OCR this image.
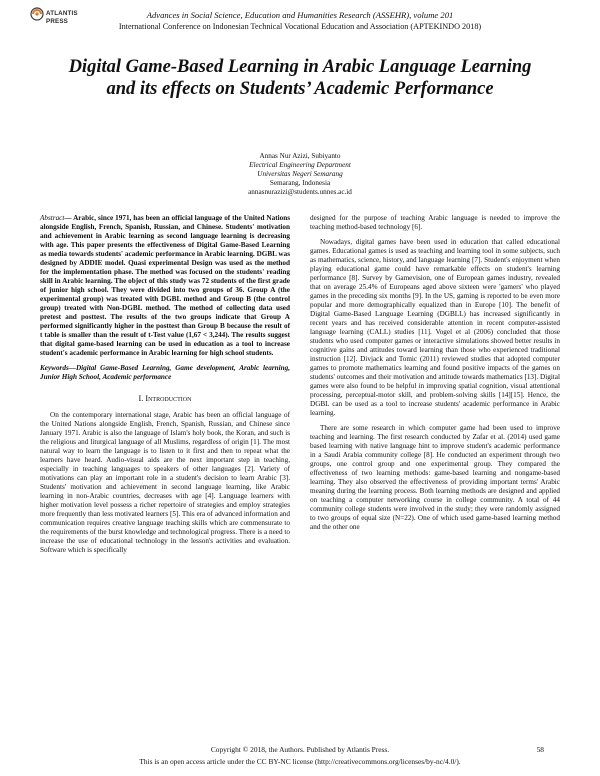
ATLANTIS
PRESS
Advances in Social Science, Education and Humanities Research (ASSEHR), volume 201
International Conference on Indonesian Technical Vocational Education and Association (APTEKINDO 2018)
Digital Game-Based Learning in Arabic Language Learning and its effects on Students’ Academic Performance
Annas Nur Azizi, Subiyanto
Electrical Engineering Department
Universitas Negeri Semarang
Semarang, Indonesia
annasnurazizi@students.unnes.ac.id

Abstract— Arabic, since 1971, has been an official language of the United Nations alongside English, French, Spanish, Russian, and Chinese. Students' motivation and achievement in Arabic learning as second language learning is decreasing with age. This paper presents the effectiveness of Digital Game-Based Learning as media towards students' academic performance in Arabic learning. DGBL was designed by ADDIE model. Quasi experimental Design was used as the method for the implementation phase. The method was focused on the students' reading skill in Arabic learning. The object of this study was 72 students of the first grade of junior high school. They were divided into two groups of 36. Group A (the experimental group) was treated with DGBL method and Group B (the control group) treated with Non-DGBL method. The method of collecting data used pretest and posttest. The results of the two groups indicate that Group A performed significantly higher in the posttest than Group B because the result of t table is smaller than the result of t-Test value (1,67 < 3,244). The results suggest that digital game-based learning can be used in education as a tool to increase student's academic performance in Arabic learning for high school students.

Keywords—Digital Game-Based Learning, Game development, Arabic learning, Junior High School, Academic performance

I. Introduction

On the contemporary international stage, Arabic has been an official language of the United Nations alongside English, French, Spanish, Russian, and Chinese since January 1971. Arabic is also the language of Islam's holy book, the Koran, and such is the religious and liturgical language of all Muslims, regardless of origin [1]. The most natural way to learn the language is to listen to it first and then to repeat what the learners have heard. Audio-visual aids are the next important step in teaching, especially in teaching languages to speakers of other languages [2]. Variety of motivations can play an important role in a student's decision to learn Arabic [3]. Students' motivation and achievement in second language learning, like Arabic learning in non-Arabic countries, decreases with age [4]. Language learners with higher motivation level possess a richer repertoire of strategies and employ strategies more frequently than less motivated learners [5]. This era of advanced information and communication requires creative language teaching skills which are commensurate to the requirements of the burst knowledge and technological progress. There is a need to increase the use of educational technology in the lesson's activities and evaluation. Software which is specifically

designed for the purpose of teaching Arabic language is needed to improve the teaching method-based technology [6].

Nowadays, digital games have been used in education that called educational games. Educational games is used as teaching and learning tool in some subjects, such as mathematics, science, history, and language learning [7]. Student's enjoyment when playing educational game could have remarkable effects on student's learning performance [8]. Survey by Gamevision, one of European games industry, revealed that on average 25.4% of Europeans aged above sixteen were 'gamers' who played games in the preceding six months [9]. In the US, gaming is reported to be even more popular and more demographically equalized than in Europe [10]. The benefit of Digital Game-Based Language Learning (DGBLL) has increased significantly in recent years and has received considerable attention in recent computer-assisted language learning (CALL) studies [11]. Vogel et al (2006) concluded that those students who used computer games or interactive simulations showed better results in cognitive gains and attitudes toward learning than those who experienced traditional instruction [12]. Divjack and Tomic (2011) reviewed studies that adopted computer games to promote mathematics learning and found positive impacts of the games on students' outcomes and their motivation and attitude towards mathematics [13]. Digital games were also found to be helpful in improving spatial cognition, visual attentional processing, perceptual-motor skill, and problem-solving skills [14][15]. Hence, the DGBL can be used as a tool to increase students' academic performance in Arabic learning.

There are some research in which computer game had been used to improve teaching and learning. The first research conducted by Zafar et al. (2014) used game based learning with native language hint to improve student's academic performance in a Saudi Arabia community college [8]. He conducted an experiment through two groups, one control group and one experimental group. They compared the effectiveness of two learning methods: game-based learning and nongame-based learning. They also observed the effectiveness of providing important terms' Arabic meaning during the learning process. Both learning methods are designed and applied on teaching a computer networking course in college community. A total of 44 community college students were involved in the study; they were randomly assigned to two groups of equal size (N=22). One of which used game-based learning method and the other one

Copyright © 2018, the Authors. Published by Atlantis Press.
This is an open access article under the CC BY-NC license (http://creativecommons.org/licenses/by-nc/4.0/).
58
